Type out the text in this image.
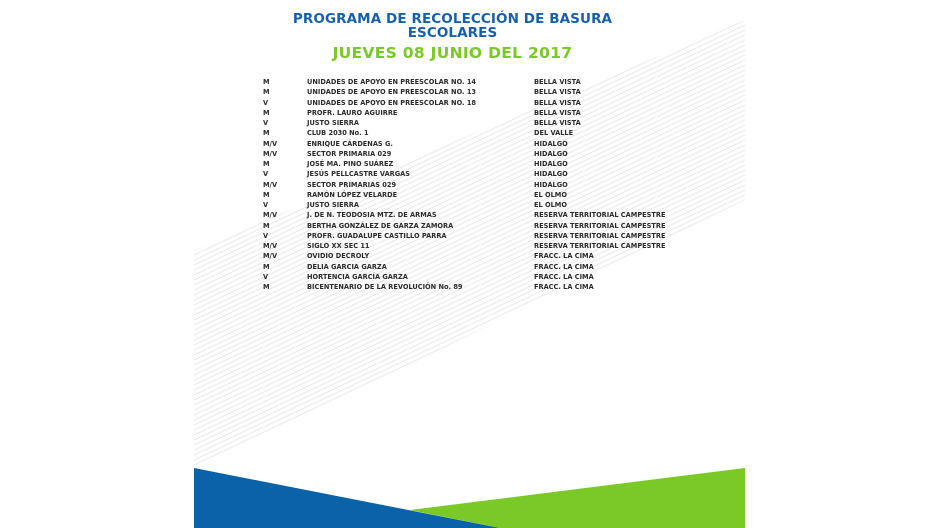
PROGRAMA DE RECOLECCIÓN DE BASURA
ESCOLARES
JUEVES 08 JUNIO DEL 2017
M	UNIDADES DE APOYO EN PREESCOLAR NO. 14	BELLA VISTA
M	UNIDADES DE APOYO EN PREESCOLAR NO. 13	BELLA VISTA
V	UNIDADES DE APOYO EN PREESCOLAR NO. 18	BELLA VISTA
M	PROFR. LAURO AGUIRRE	BELLA VISTA
V	JUSTO SIERRA	BELLA VISTA
M	CLUB 2030 No. 1	DEL VALLE
M/V	ENRIQUE CÁRDENAS G.	HIDALGO
M/V	SECTOR PRIMARIA 029	HIDALGO
M	JOSÉ MA. PINO SUÁREZ	HIDALGO
V	JESÚS PELLCASTRE VARGAS	HIDALGO
M/V	SECTOR PRIMARIAS 029	HIDALGO
M	RAMÓN LÓPEZ VELARDE	EL OLMO
V	JUSTO SIERRA	EL OLMO
M/V	J. DE N. TEODOSIA MTZ. DE ARMAS	RESERVA TERRITORIAL CAMPESTRE
M	BERTHA GONZÁLEZ DE GARZA ZAMORA	RESERVA TERRITORIAL CAMPESTRE
V	PROFR. GUADALUPE CASTILLO PARRA	RESERVA TERRITORIAL CAMPESTRE
M/V	SIGLO XX SEC 11	RESERVA TERRITORIAL CAMPESTRE
M/V	OVIDIO DECROLY	FRACC. LA CIMA
M	DELIA GARCIA GARZA	FRACC. LA CIMA
V	HORTENCIA GARCÍA GARZA	FRACC. LA CIMA
M	BICENTENARIO DE LA REVOLUCIÓN No. 89	FRACC. LA CIMA
